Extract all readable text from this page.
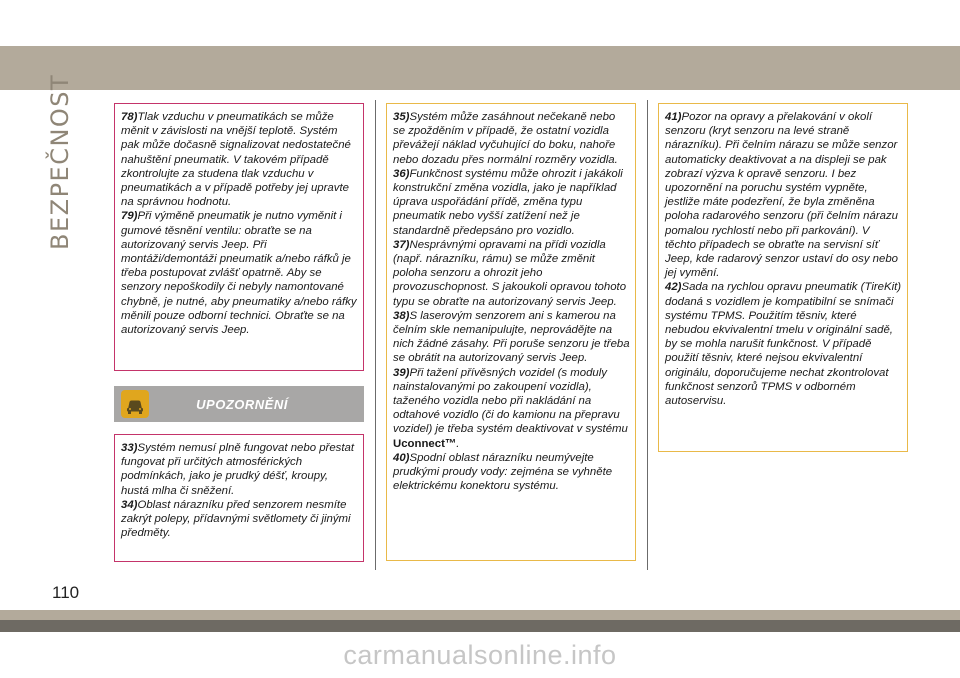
BEZPEČNOST	78)Tlak vzduchu v pneumatikách se může měnit v závislosti na vnější teplotě. Systém pak může dočasně signalizovat nedostatečné nahuštění pneumatik. V takovém případě zkontrolujte za studena tlak vzduchu v pneumatikách a v případě potřeby jej upravte na správnou hodnotu.

79)Při výměně pneumatik je nutno vyměnit i gumové těsnění ventilu: obraťte se na autorizovaný servis Jeep. Při montáži/demontáži pneumatik a/nebo ráfků je třeba postupovat zvlášť opatrně. Aby se senzory nepoškodily či nebyly namontované chybně, je nutné, aby pneumatiky a/nebo ráfky měnili pouze odborní technici. Obraťte se na autorizovaný servis Jeep.

UPOZORNĚNÍ

33)Systém nemusí plně fungovat nebo přestat fungovat při určitých atmosférických podmínkách, jako je prudký déšť, kroupy, hustá mlha či sněžení.

34)Oblast nárazníku před senzorem nesmíte zakrýt polepy, přídavnými světlomety či jinými předměty.

35)Systém může zasáhnout nečekaně nebo se zpožděním v případě, že ostatní vozidla převážejí náklad vyčuhující do boku, nahoře nebo dozadu přes normální rozměry vozidla.

36)Funkčnost systému může ohrozit i jakákoli konstrukční změna vozidla, jako je například úprava uspořádání přídě, změna typu pneumatik nebo vyšší zatížení než je standardně předepsáno pro vozidlo.

37)Nesprávnými opravami na přídi vozidla (např. nárazníku, rámu) se může změnit poloha senzoru a ohrozit jeho provozuschopnost. S jakoukoli opravou tohoto typu se obraťte na autorizovaný servis Jeep.

38)S laserovým senzorem ani s kamerou na čelním skle nemanipulujte, neprovádějte na nich žádné zásahy. Při poruše senzoru je třeba se obrátit na autorizovaný servis Jeep.

39)Při tažení přívěsných vozidel (s moduly nainstalovanými po zakoupení vozidla), taženého vozidla nebo při nakládání na odtahové vozidlo (či do kamionu na přepravu vozidel) je třeba systém deaktivovat v systému Uconnect™.

40)Spodní oblast nárazníku neumývejte prudkými proudy vody: zejména se vyhněte elektrickému konektoru systému.

41)Pozor na opravy a přelakování v okolí senzoru (kryt senzoru na levé straně nárazníku). Při čelním nárazu se může senzor automaticky deaktivovat a na displeji se pak zobrazí výzva k opravě senzoru. I bez upozornění na poruchu systém vypněte, jestliže máte podezření, že byla změněna poloha radarového senzoru (při čelním nárazu pomalou rychlostí nebo při parkování). V těchto případech se obraťte na servisní síť Jeep, kde radarový senzor ustaví do osy nebo jej vymění.

42)Sada na rychlou opravu pneumatik (TireKit) dodaná s vozidlem je kompatibilní se snímači systému TPMS. Použitím těsniv, které nebudou ekvivalentní tmelu v originální sadě, by se mohla narušit funkčnost. V případě použití těsniv, které nejsou ekvivalentní originálu, doporučujeme nechat zkontrolovat funkčnost senzorů TPMS v odborném autoservisu.

110
carmanualsonline.info
